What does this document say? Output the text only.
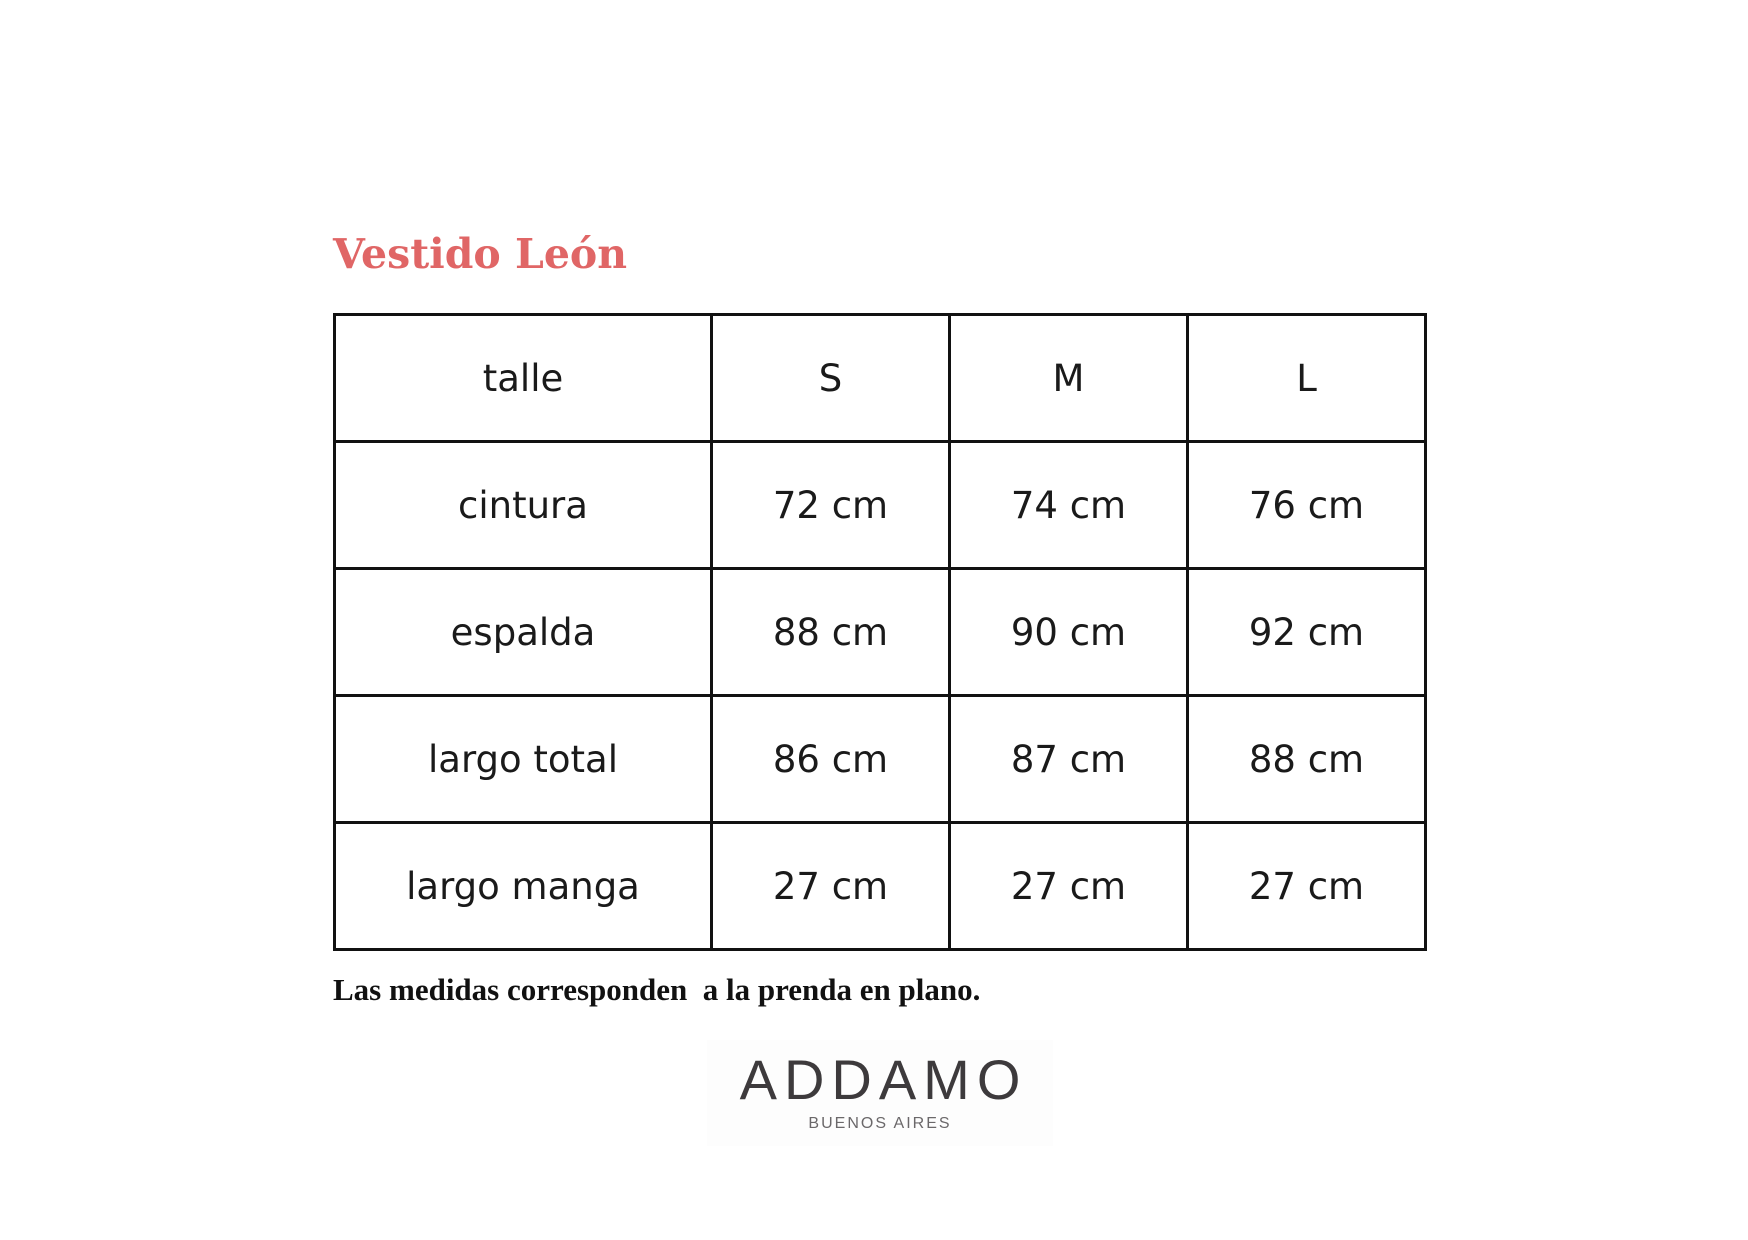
Vestido León
talle	S	M	L
cintura	72 cm	74 cm	76 cm
espalda	88 cm	90 cm	92 cm
largo total	86 cm	87 cm	88 cm
largo manga	27 cm	27 cm	27 cm
Las medidas corresponden  a la prenda en plano.
ADDAMO
BUENOS AIRES
